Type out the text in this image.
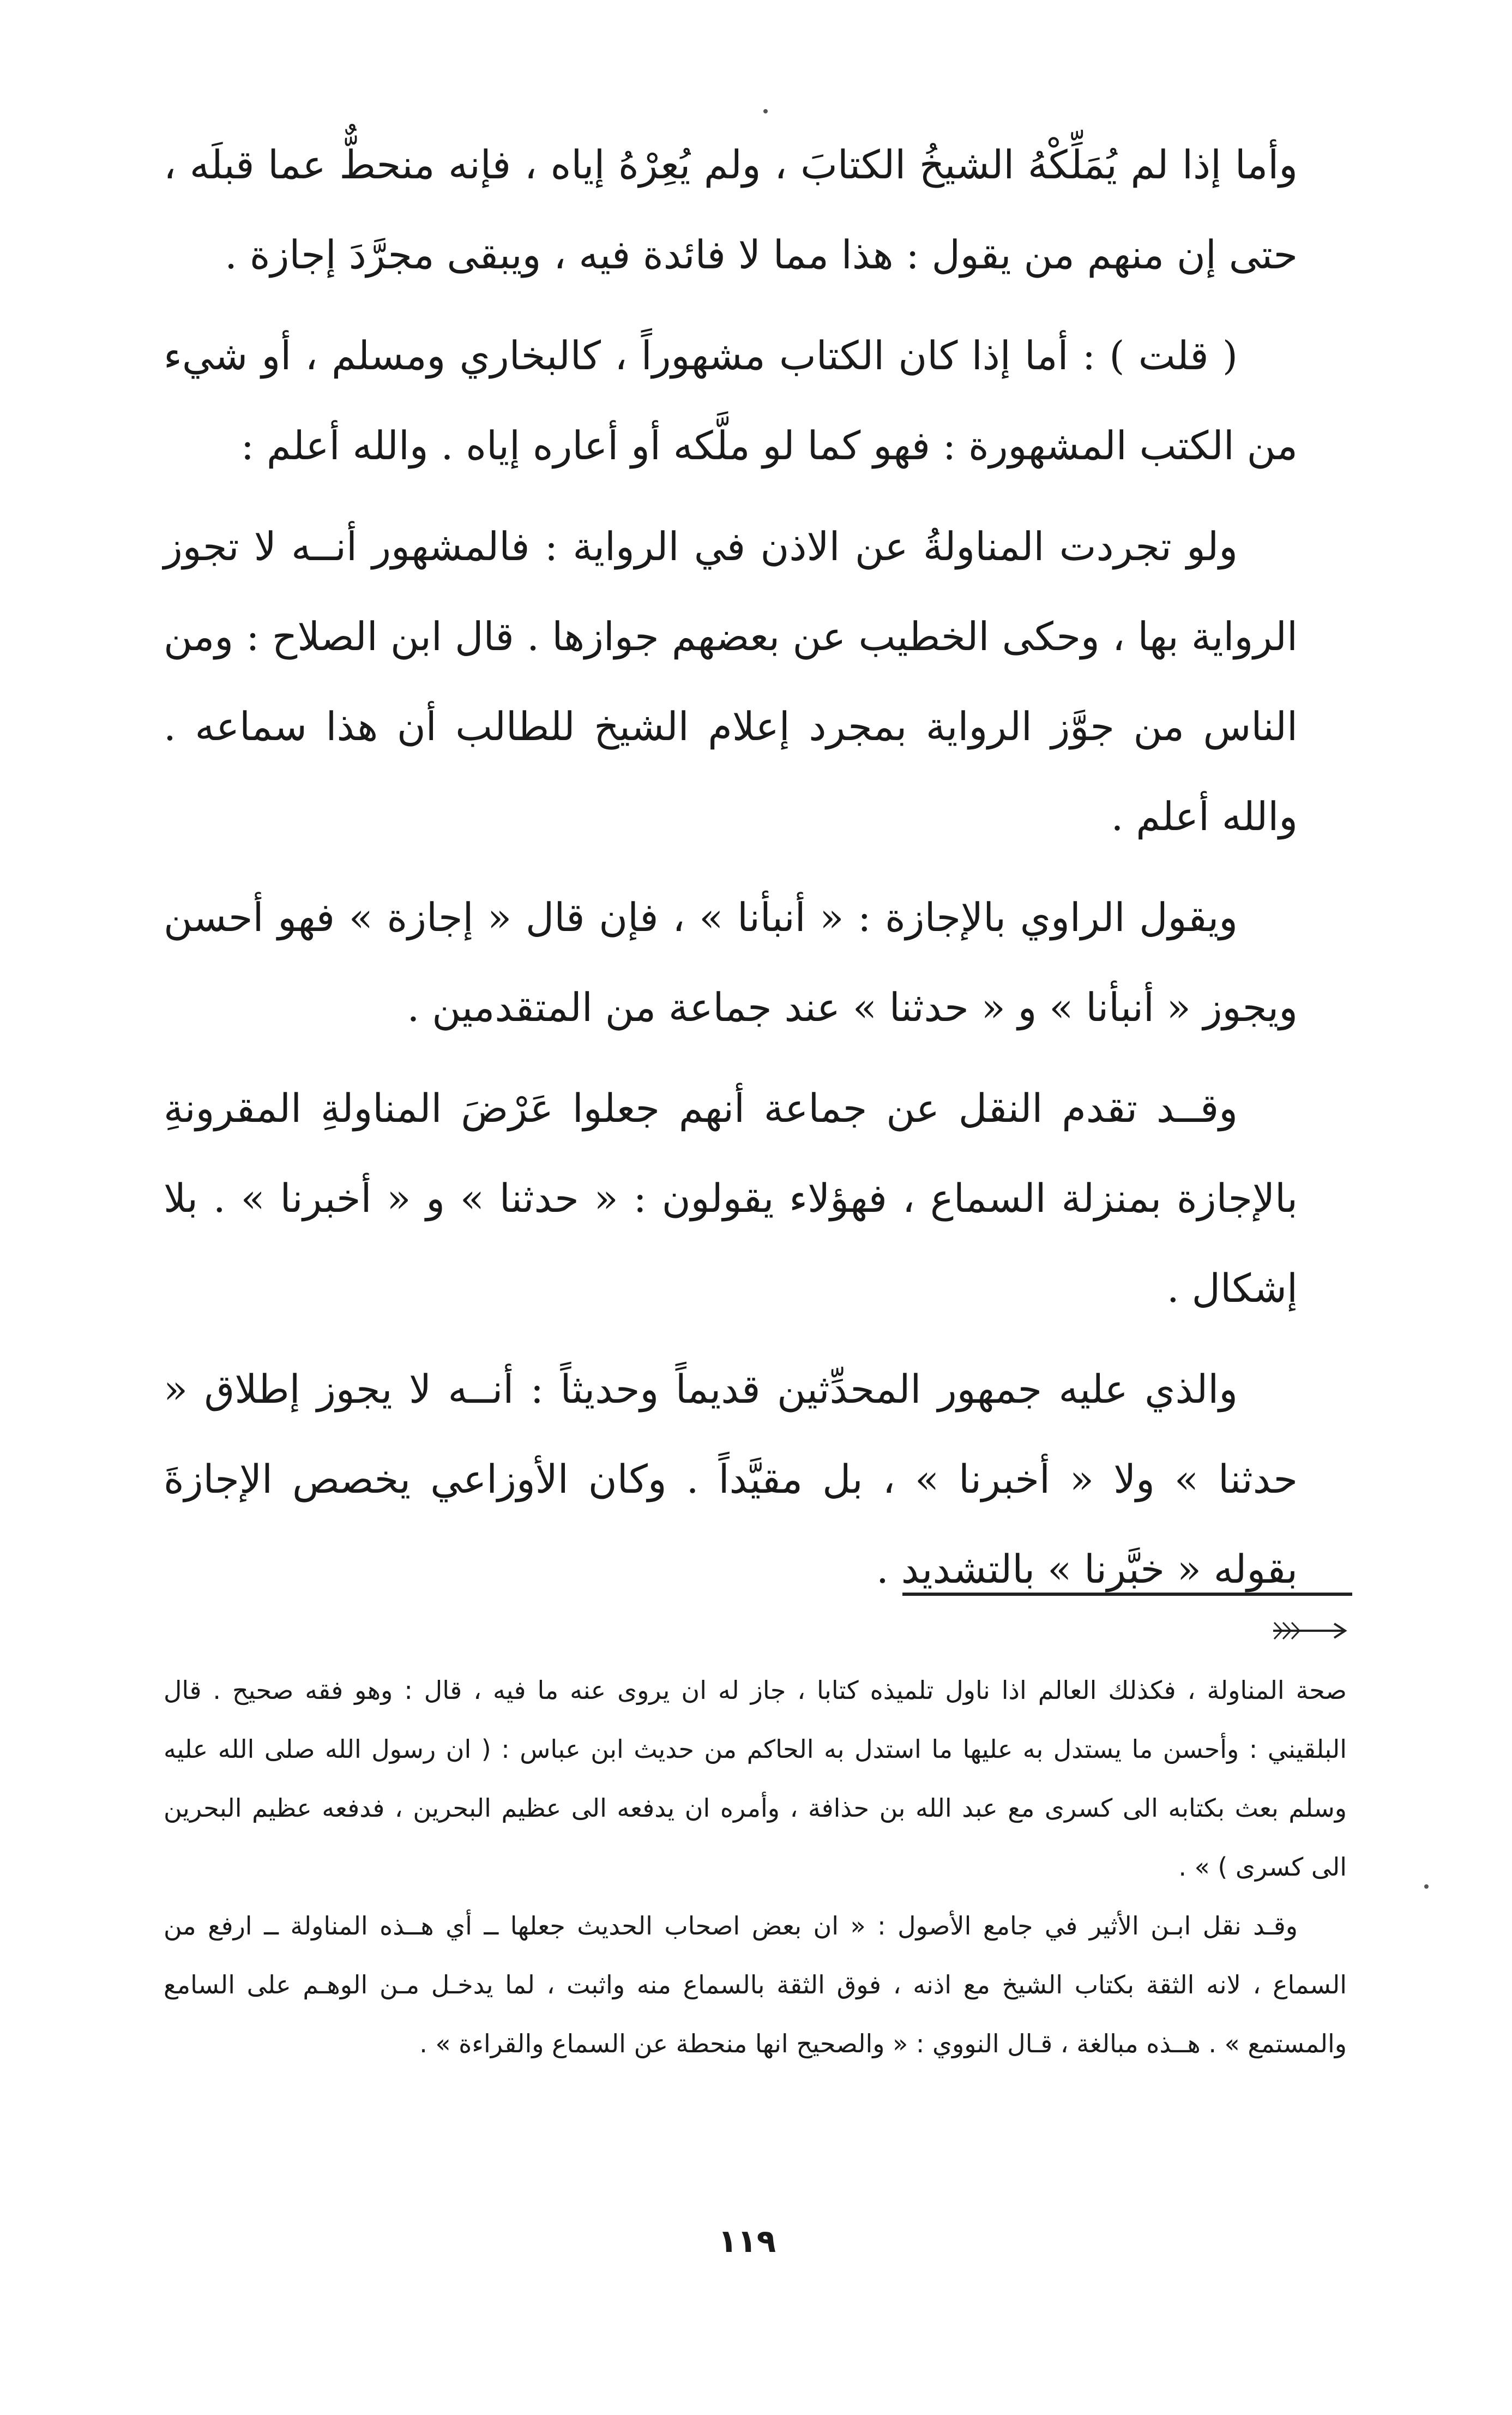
وأما إذا لم يُمَلِّكْهُ الشيخُ الكتابَ ، ولم يُعِرْهُ إياه ، فإنه منحطٌّ عما قبلَه ، حتى إن منهم من يقول : هذا مما لا فائدة فيه ، ويبقى مجرَّدَ إجازة .

( قلت ) : أما إذا كان الكتاب مشهوراً ، كالبخاري ومسلم ، أو شيء من الكتب المشهورة : فهو كما لو ملَّكه أو أعاره إياه . والله أعلم :

ولو تجردت المناولةُ عن الاذن في الرواية : فالمشهور أنــه لا تجوز الرواية بها ، وحكى الخطيب عن بعضهم جوازها . قال ابن الصلاح : ومن الناس من جوَّز الرواية بمجرد إعلام الشيخ للطالب أن هذا سماعه . والله أعلم .

ويقول الراوي بالإجازة : « أنبأنا » ، فإن قال « إجازة » فهو أحسن ويجوز « أنبأنا » و « حدثنا » عند جماعة من المتقدمين .

وقــد تقدم النقل عن جماعة أنهم جعلوا عَرْضَ المناولةِ المقرونةِ بالإجازة بمنزلة السماع ، فهؤلاء يقولون : « حدثنا » و « أخبرنا » . بلا إشكال .

والذي عليه جمهور المحدِّثين قديماً وحديثاً : أنــه لا يجوز إطلاق « حدثنا » ولا « أخبرنا » ، بل مقيَّداً . وكان الأوزاعي يخصص الإجازةَ بقوله « خبَّرنا » بالتشديد .

صحة المناولة ، فكذلك العالم اذا ناول تلميذه كتابا ، جاز له ان يروى عنه ما فيه ، قال : وهو فقه صحيح . قال البلقيني : وأحسن ما يستدل به عليها ما استدل به الحاكم من حديث ابن عباس : ( ان رسول الله صلى الله عليه وسلم بعث بكتابه الى كسرى مع عبد الله بن حذافة ، وأمره ان يدفعه الى عظيم البحرين ، فدفعه عظيم البحرين الى كسرى ) » .

وقـد نقل ابـن الأثير في جامع الأصول : « ان بعض اصحاب الحديث جعلها ــ أي هــذه المناولة ــ ارفع من السماع ، لانه الثقة بكتاب الشيخ مع اذنه ، فوق الثقة بالسماع منه واثبت ، لما يدخـل مـن الوهـم على السامع والمستمع » . هــذه مبالغة ، قـال النووي : « والصحيح انها منحطة عن السماع والقراءة » .

١١٩
